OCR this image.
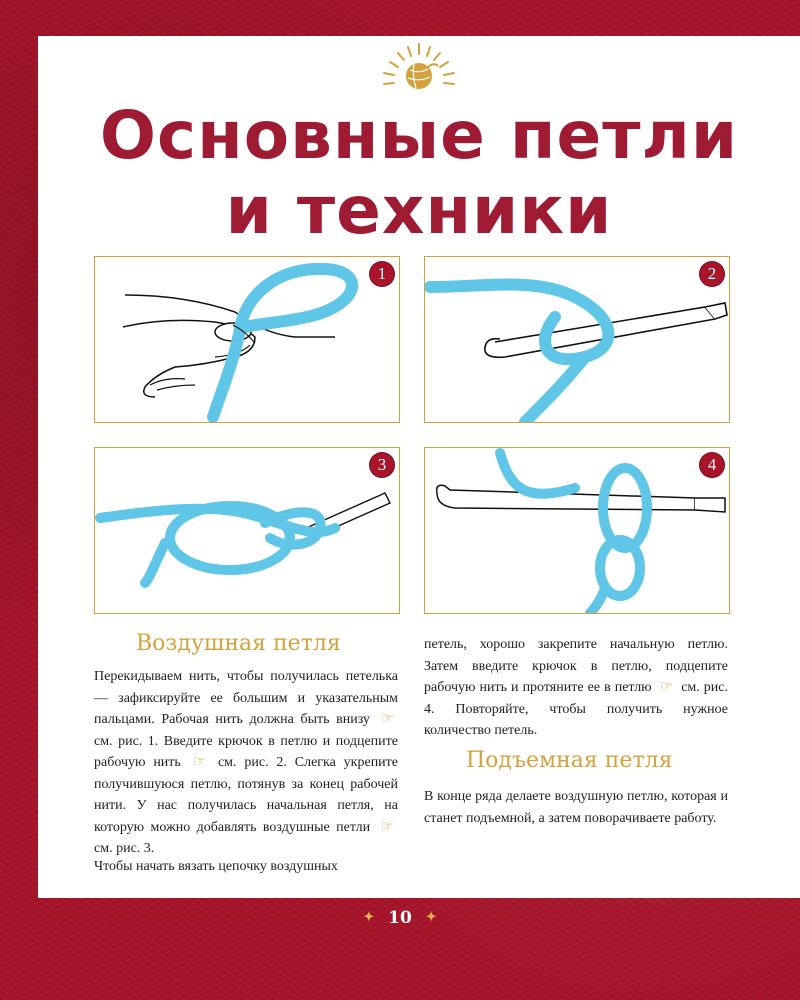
Основные петли
и техники
1	2
3	4
Воздушная петля

Перекидываем нить, чтобы получилась петелька — зафиксируйте ее большим и указательным пальцами. Рабочая нить должна быть внизу ☞ см. рис. 1. Введите крючок в петлю и подцепите рабочую нить ☞ см. рис. 2. Слегка укрепите получившуюся петлю, потянув за конец рабочей нити. У нас получилась начальная петля, на которую можно добавлять воздушные петли ☞ см. рис. 3.

Чтобы начать вязать цепочку воздушных

петель, хорошо закрепите начальную петлю. Затем введите крючок в петлю, подцепите рабочую нить и протяните ее в петлю ☞ см. рис. 4. Повторяйте, чтобы получить нужное количество петель.

Подъемная петля

В конце ряда делаете воздушную петлю, которая и станет подъемной, а затем поворачиваете работу.

✦ 10 ✦
